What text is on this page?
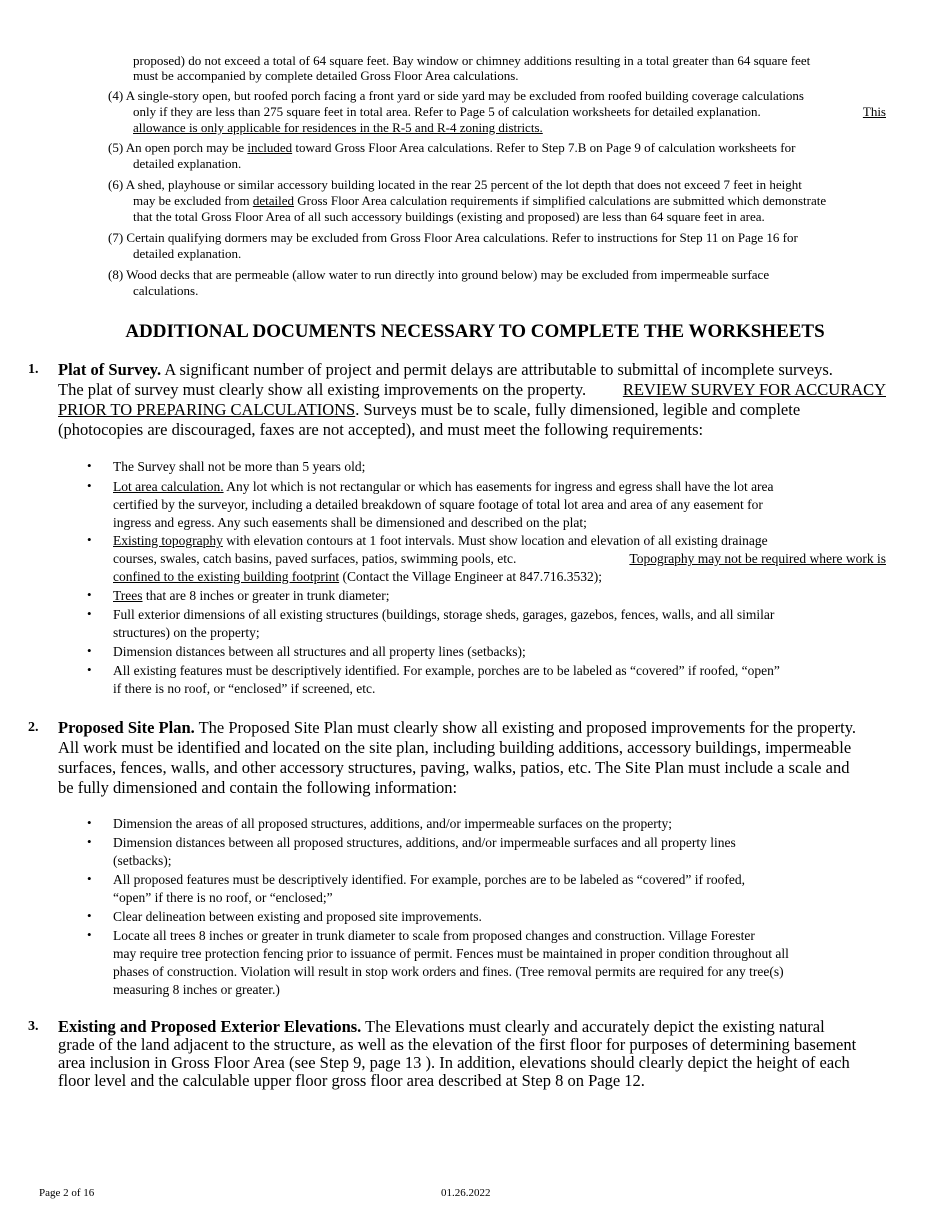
proposed) do not exceed a total of 64 square feet. Bay window or chimney additions resulting in a total greater than 64 square feet
must be accompanied by complete detailed Gross Floor Area calculations.
(4) A single-story open, but roofed porch facing a front yard or side yard may be excluded from roofed building coverage calculations
only if they are less than 275 square feet in total area. Refer to Page 5 of calculation worksheets for detailed explanation.	This
allowance is only applicable for residences in the R-5 and R-4 zoning districts.
(5) An open porch may be included toward Gross Floor Area calculations. Refer to Step 7.B on Page 9 of calculation worksheets for
detailed explanation.
(6) A shed, playhouse or similar accessory building located in the rear 25 percent of the lot depth that does not exceed 7 feet in height
may be excluded from detailed Gross Floor Area calculation requirements if simplified calculations are submitted which demonstrate
that the total Gross Floor Area of all such accessory buildings (existing and proposed) are less than 64 square feet in area.
(7) Certain qualifying dormers may be excluded from Gross Floor Area calculations. Refer to instructions for Step 11 on Page 16 for
detailed explanation.
(8) Wood decks that are permeable (allow water to run directly into ground below) may be excluded from impermeable surface
calculations.
ADDITIONAL DOCUMENTS NECESSARY TO COMPLETE THE WORKSHEETS
1. Plat of Survey. A significant number of project and permit delays are attributable to submittal of incomplete surveys.
The plat of survey must clearly show all existing improvements on the property. REVIEW SURVEY FOR ACCURACY
PRIOR TO PREPARING CALCULATIONS. Surveys must be to scale, fully dimensioned, legible and complete
(photocopies are discouraged, faxes are not accepted), and must meet the following requirements:
• The Survey shall not be more than 5 years old;
• Lot area calculation. Any lot which is not rectangular or which has easements for ingress and egress shall have the lot area
certified by the surveyor, including a detailed breakdown of square footage of total lot area and area of any easement for
ingress and egress. Any such easements shall be dimensioned and described on the plat;
• Existing topography with elevation contours at 1 foot intervals. Must show location and elevation of all existing drainage
courses, swales, catch basins, paved surfaces, patios, swimming pools, etc.	Topography may not be required where work is
confined to the existing building footprint (Contact the Village Engineer at 847.716.3532);
• Trees that are 8 inches or greater in trunk diameter;
• Full exterior dimensions of all existing structures (buildings, storage sheds, garages, gazebos, fences, walls, and all similar
structures) on the property;
• Dimension distances between all structures and all property lines (setbacks);
• All existing features must be descriptively identified. For example, porches are to be labeled as “covered” if roofed, “open”
if there is no roof, or “enclosed” if screened, etc.
2. Proposed Site Plan. The Proposed Site Plan must clearly show all existing and proposed improvements for the property.
All work must be identified and located on the site plan, including building additions, accessory buildings, impermeable
surfaces, fences, walls, and other accessory structures, paving, walks, patios, etc. The Site Plan must include a scale and
be fully dimensioned and contain the following information:
• Dimension the areas of all proposed structures, additions, and/or impermeable surfaces on the property;
• Dimension distances between all proposed structures, additions, and/or impermeable surfaces and all property lines
(setbacks);
• All proposed features must be descriptively identified. For example, porches are to be labeled as “covered” if roofed,
“open” if there is no roof, or “enclosed;”
• Clear delineation between existing and proposed site improvements.
• Locate all trees 8 inches or greater in trunk diameter to scale from proposed changes and construction. Village Forester
may require tree protection fencing prior to issuance of permit. Fences must be maintained in proper condition throughout all
phases of construction. Violation will result in stop work orders and fines. (Tree removal permits are required for any tree(s)
measuring 8 inches or greater.)
3. Existing and Proposed Exterior Elevations. The Elevations must clearly and accurately depict the existing natural
grade of the land adjacent to the structure, as well as the elevation of the first floor for purposes of determining basement
area inclusion in Gross Floor Area (see Step 9, page 13 ). In addition, elevations should clearly depict the height of each
floor level and the calculable upper floor gross floor area described at Step 8 on Page 12.
Page 2 of 16	01.26.2022
